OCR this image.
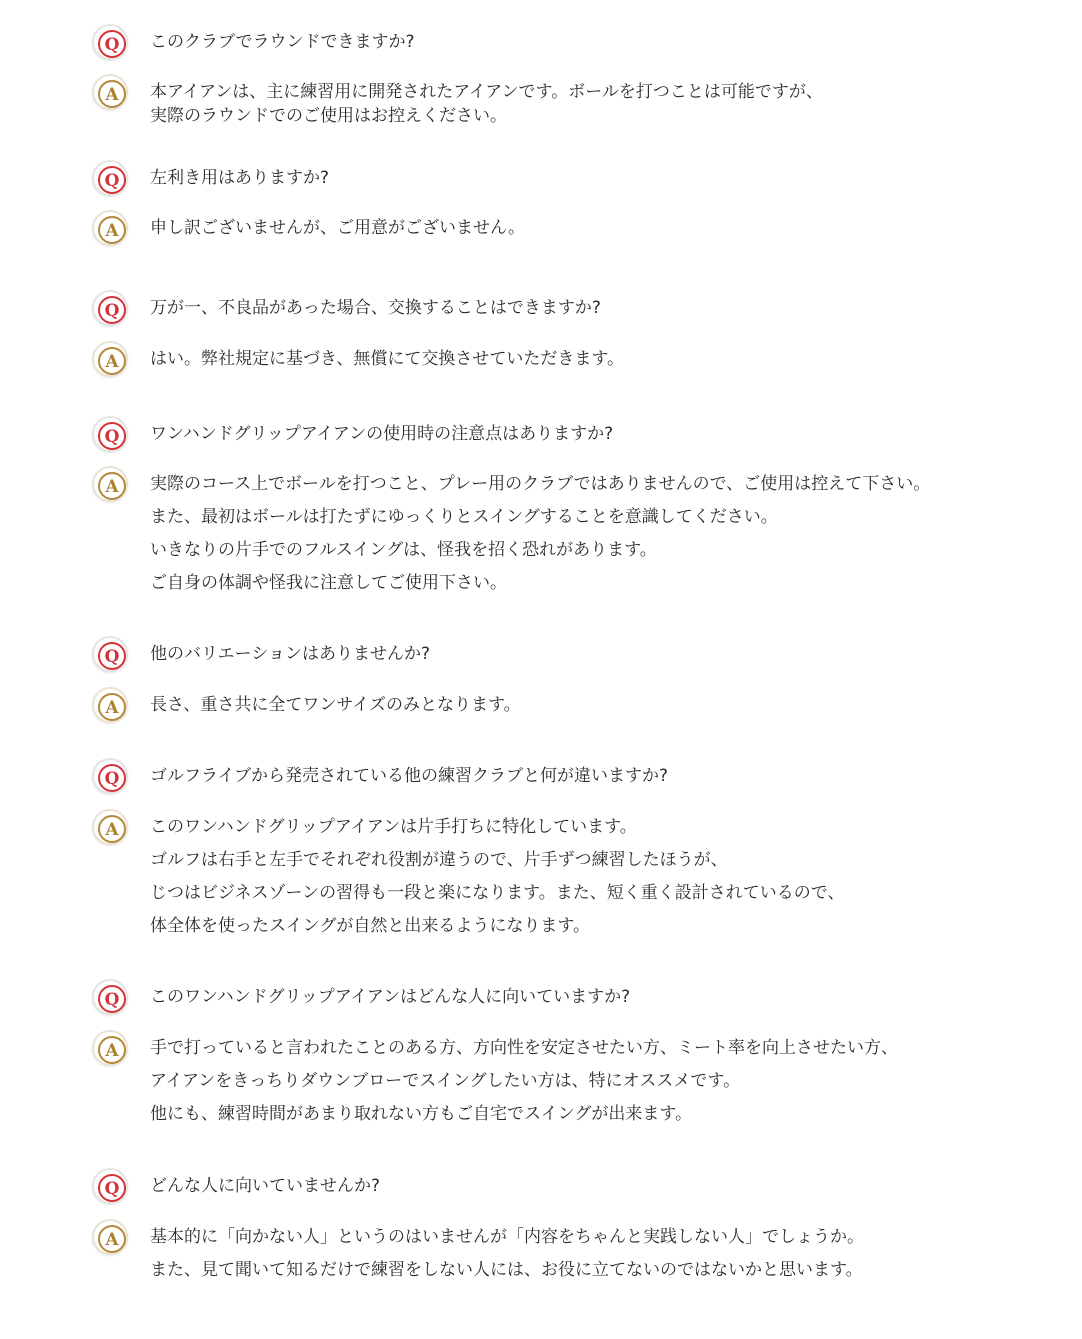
Q	このクラブでラウンドできますか?
A	本アイアンは、主に練習用に開発されたアイアンです。ボールを打つことは可能ですが、
実際のラウンドでのご使用はお控えください。
Q	左利き用はありますか?
A	申し訳ございませんが、ご用意がございません。
Q	万が一、不良品があった場合、交換することはできますか?
A	はい。弊社規定に基づき、無償にて交換させていただきます。
Q	ワンハンドグリップアイアンの使用時の注意点はありますか?
A	実際のコース上でボールを打つこと、プレー用のクラブではありませんので、ご使用は控えて下さい。
また、最初はボールは打たずにゆっくりとスイングすることを意識してください。
いきなりの片手でのフルスイングは、怪我を招く恐れがあります。
ご自身の体調や怪我に注意してご使用下さい。
Q	他のバリエーションはありませんか?
A	長さ、重さ共に全てワンサイズのみとなります。
Q	ゴルフライブから発売されている他の練習クラブと何が違いますか?
A	このワンハンドグリップアイアンは片手打ちに特化しています。
ゴルフは右手と左手でそれぞれ役割が違うので、片手ずつ練習したほうが、
じつはビジネスゾーンの習得も一段と楽になります。また、短く重く設計されているので、
体全体を使ったスイングが自然と出来るようになります。
Q	このワンハンドグリップアイアンはどんな人に向いていますか?
A	手で打っていると言われたことのある方、方向性を安定させたい方、ミート率を向上させたい方、
アイアンをきっちりダウンブローでスイングしたい方は、特にオススメです。
他にも、練習時間があまり取れない方もご自宅でスイングが出来ます。
Q	どんな人に向いていませんか?
A	基本的に「向かない人」というのはいませんが「内容をちゃんと実践しない人」でしょうか。
また、見て聞いて知るだけで練習をしない人には、お役に立てないのではないかと思います。
